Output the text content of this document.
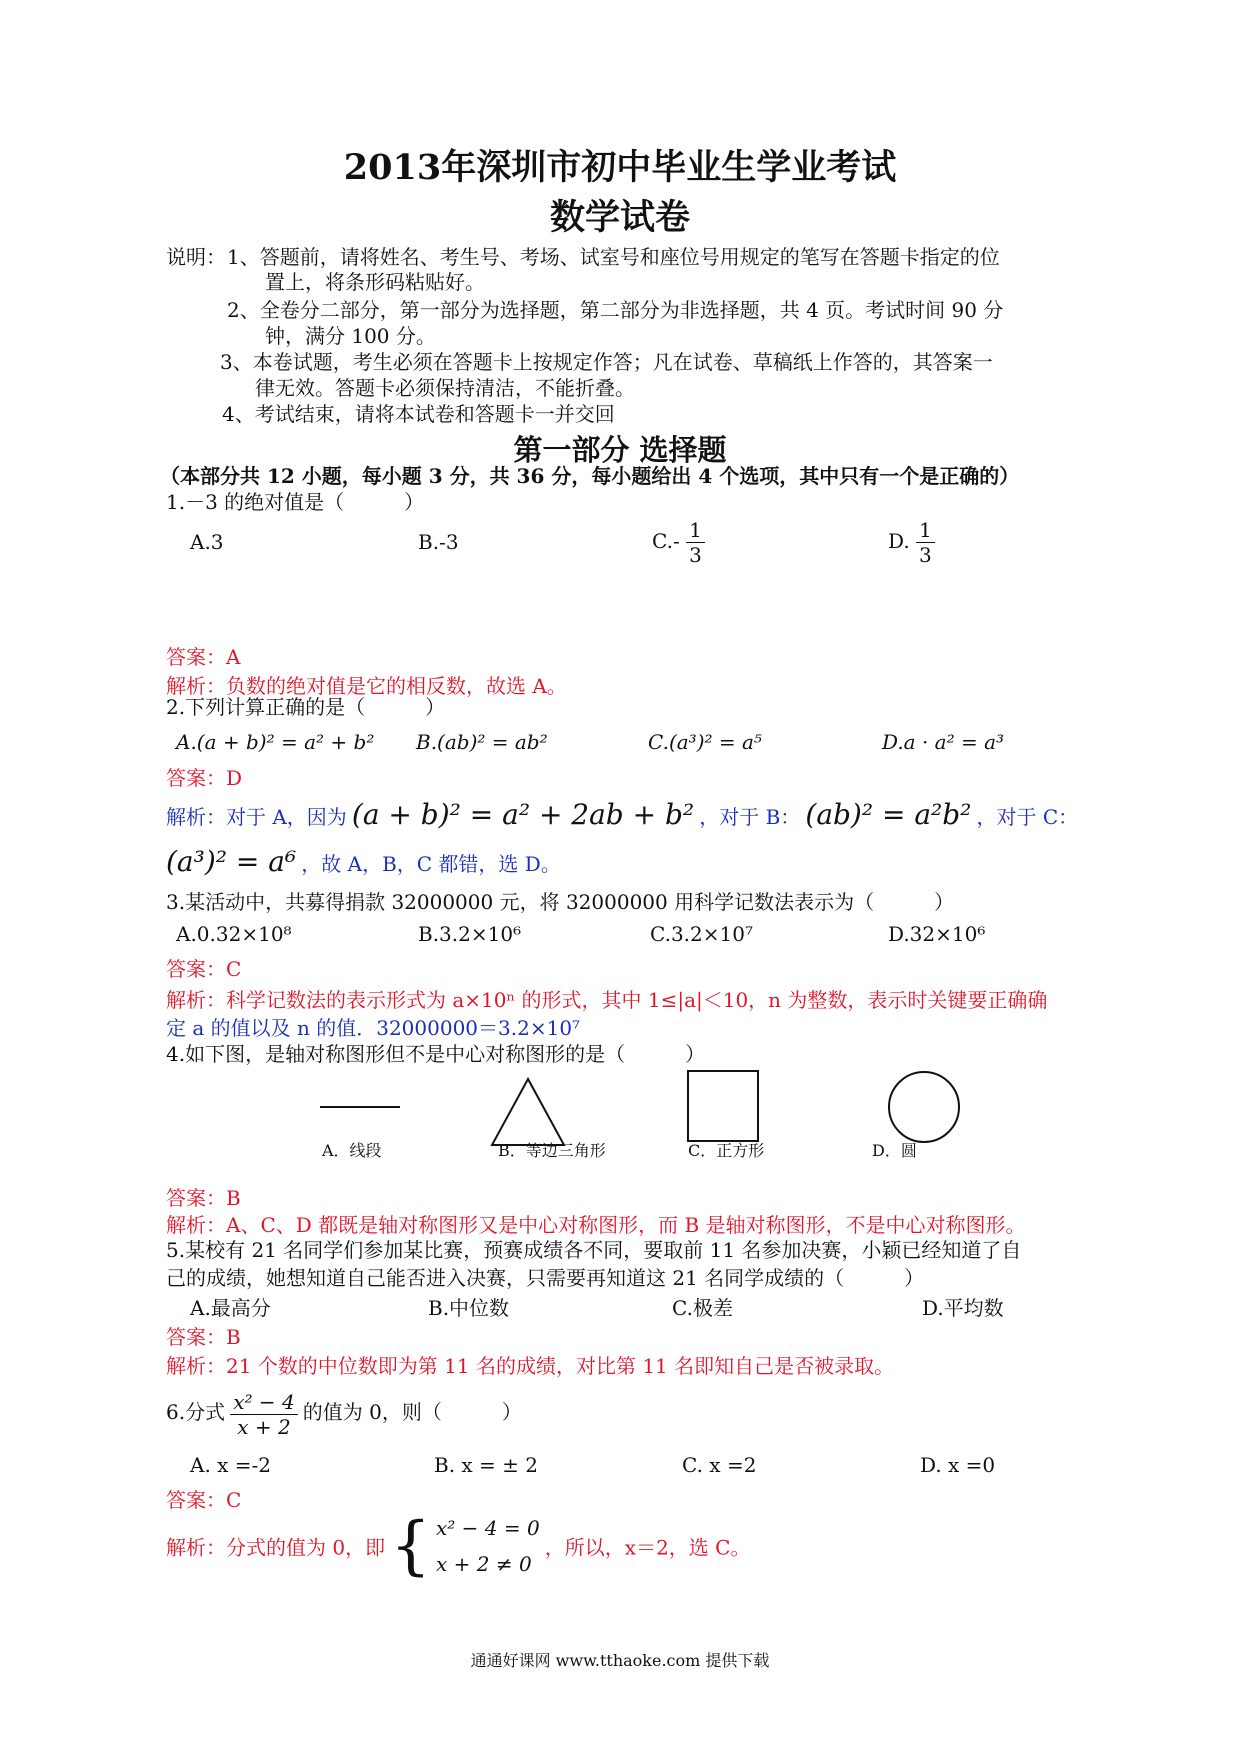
2013年深圳市初中毕业生学业考试
数学试卷
说明： 1、答题前，请将姓名、考生号、考场、试室号和座位号用规定的笔写在答题卡指定的位
置上，将条形码粘贴好。
2、全卷分二部分，第一部分为选择题，第二部分为非选择题，共 4 页。考试时间 90 分
钟，满分 100 分。
3、本卷试题，考生必须在答题卡上按规定作答；凡在试卷、草稿纸上作答的，其答案一
律无效。答题卡必须保持清洁，不能折叠。
4、考试结束，请将本试卷和答题卡一并交回
第一部分 选择题
（本部分共 12 小题，每小题 3 分，共 36 分，每小题给出 4 个选项，其中只有一个是正确的）
1.－3 的绝对值是（　　　）
A.3	B.-3	$C.- \frac{1}{3}$	D. $\frac{1}{3}$
答案：A
解析：负数的绝对值是它的相反数，故选 A。
2.下列计算正确的是（　　　）
A.(a + b)² = a² + b² B.(ab)² = ab²	C.(a³)² = a⁵	D.a · a² = a³
答案：D
解析：对于 A，因为 (a + b)² = a² + 2ab + b² ，对于 B： (ab)² = a²b² ，对于 C：
(a³)² = a⁶ ，故 A，B，C 都错，选 D。
3.某活动中，共募得捐款 32000000 元，将 32000000 用科学记数法表示为（　　　）
A.0.32×10⁸	B.3.2×10⁶	C.3.2×10⁷	D.32×10⁶
答案：C
解析：科学记数法的表示形式为 a×10ⁿ 的形式，其中 1≤|a|＜10，n 为整数，表示时关键要正确确
定 a 的值以及 n 的值．32000000＝3.2×10⁷
4.如下图，是轴对称图形但不是中心对称图形的是（　　　）
A．线段	B．等边三角形	C．正方形	D．圆
答案：B
解析：A、C、D 都既是轴对称图形又是中心对称图形，而 B 是轴对称图形，不是中心对称图形。
5.某校有 21 名同学们参加某比赛，预赛成绩各不同，要取前 11 名参加决赛，小颖已经知道了自
己的成绩，她想知道自己能否进入决赛，只需要再知道这 21 名同学成绩的（　　　）
A.最高分	B.中位数	C.极差	D.平均数
答案：B
解析：21 个数的中位数即为第 11 名的成绩，对比第 11 名即知自己是否被录取。
6.分式 $\frac{\text{x² − 4}}{x + 2}$ 的值为 0，则（　　　）
A. x =-2	B. x = ± 2	C. x =2	D. x =0
答案：C
解析：分式的值为 0，即 { x² − 4 = 0
x + 2 ≠ 0
，所以，x＝2，选 C。
通通好课网 www.tthaoke.com 提供下载
